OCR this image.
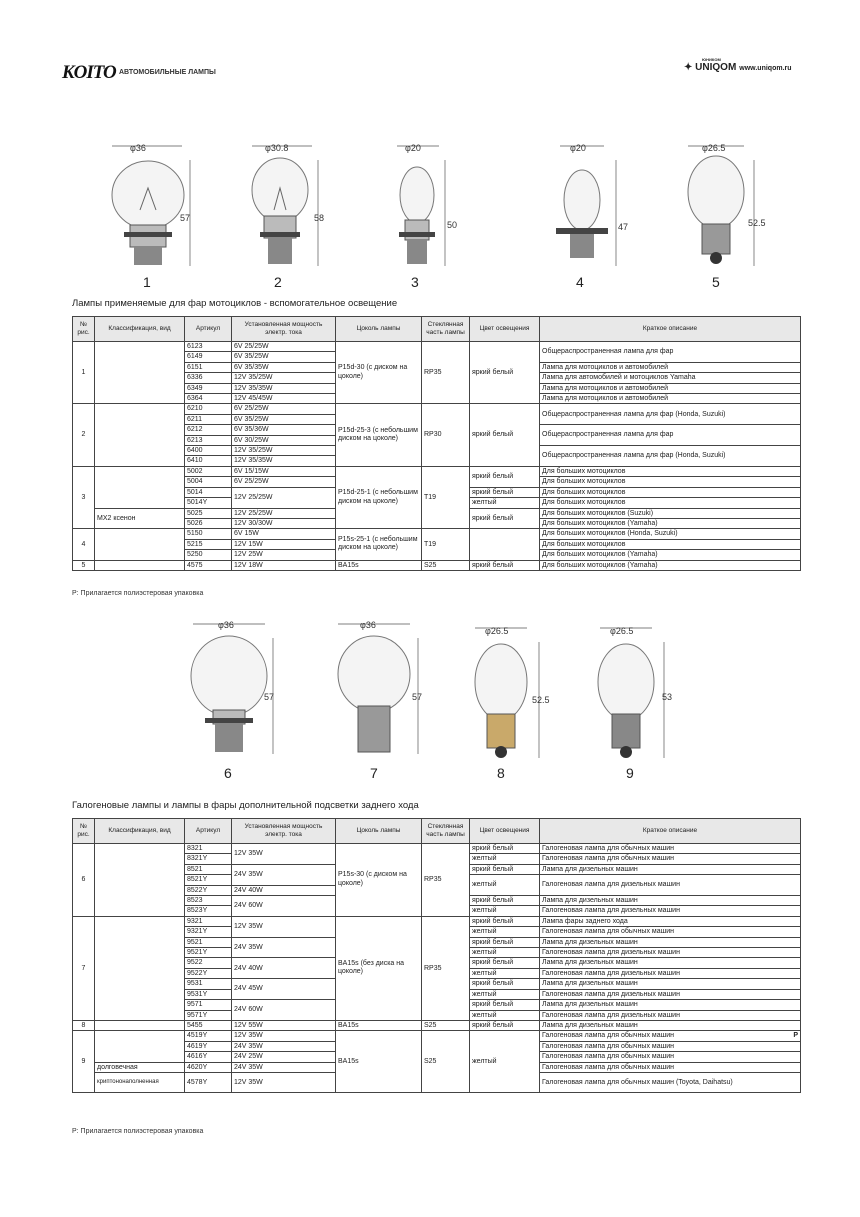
KOITO АВТОМОБИЛЬНЫЕ ЛАМПЫ
ЮНИКОМ
✦ UNIQOM www.uniqom.ru
φ36
57
1
φ30.8
58
2
φ20
50
3
φ20
47
4
φ26.5
52.5
5
Лампы применяемые для фар мотоциклов - вспомогательное освещение
№ рис.	Классификация, вид	Артикул	Установленная мощность электр. тока	Цоколь лампы	Стеклянная часть лампы	Цвет освещения	Краткое описание
1		6123	6V 25/25W	P15d-30 (с диском на цоколе)	RP35	яркий белый	Общераспространенная лампа для фар
		6149	6V 35/25W				
		6151	6V 35/35W				Лампа для мотоциклов и автомобилей
		6336	12V 35/25W				Лампа для автомобилей и мотоциклов Yamaha
		6349	12V 35/35W				Лампа для мотоциклов и автомобилей
		6364	12V 45/45W				Лампа для мотоциклов и автомобилей
2		6210	6V 25/25W	P15d-25-3 (с небольшим диском на цоколе)	RP30	яркий белый	Общераспространенная лампа для фар (Honda, Suzuki)
		6211	6V 35/25W				
		6212	6V 35/36W				Общераспространенная лампа для фар
		6213	6V 30/25W				
		6400	12V 35/25W				Общераспространенная лампа для фар (Honda, Suzuki)
		6410	12V 35/35W				
3		5002	6V 15/15W	P15d-25-1 (с небольшим диском на цоколе)	T19	яркий белый	Для больших мотоциклов
		5004	6V 25/25W				Для больших мотоциклов
		5014	12V 25/25W			яркий белый	Для больших мотоциклов
		5014Y				желтый	Для больших мотоциклов
	MX2 ксенон	5025	12V 25/25W			яркий белый	Для больших мотоциклов (Suzuki)
		5026	12V 30/30W				Для больших мотоциклов (Yamaha)
4		5150	6V 15W	P15s-25-1 (с небольшим диском на цоколе)	T19		Для больших мотоциклов (Honda, Suzuki)
		5215	12V 15W				Для больших мотоциклов
		5250	12V 25W				Для больших мотоциклов (Yamaha)
5		4575	12V 18W	BA15s	S25	яркий белый	Для больших мотоциклов (Yamaha)
P: Прилагается полиэстеровая упаковка
φ36
57
6
φ36
57
7
φ26.5
52.5
8
φ26.5
53
9
Галогеновые лампы и лампы в фары дополнительной подсветки заднего хода
№ рис.	Классификация, вид	Артикул	Установленная мощность электр. тока	Цоколь лампы	Стеклянная часть лампы	Цвет освещения	Краткое описание
6		8321	12V 35W	P15s-30 (с диском на цоколе)	RP35	яркий белый	Галогеновая лампа для обычных машин
		8321Y				желтый	Галогеновая лампа для обычных машин
		8521	24V 35W			яркий белый	Лампа для дизельных машин
		8521Y				желтый	Галогеновая лампа для дизельных машин
		8522Y	24V 40W				
		8523	24V 60W			яркий белый	Лампа для дизельных машин
		8523Y				желтый	Галогеновая лампа для дизельных машин
7		9321	12V 35W	BA15s (без диска на цоколе)	RP35	яркий белый	Лампа фары заднего хода
		9321Y				желтый	Галогеновая лампа для обычных машин
		9521	24V 35W			яркий белый	Лампа для дизельных машин
		9521Y				желтый	Галогеновая лампа для дизельных машин
		9522	24V 40W			яркий белый	Лампа для дизельных машин
		9522Y				желтый	Галогеновая лампа для дизельных машин
		9531	24V 45W			яркий белый	Лампа для дизельных машин
		9531Y				желтый	Галогеновая лампа для дизельных машин
		9571	24V 60W			яркий белый	Лампа для дизельных машин
		9571Y				желтый	Галогеновая лампа для дизельных машин
8		5455	12V 55W	BA15s	S25	яркий белый	Лампа для дизельных машин
9		4519Y	12V 35W	BA15s	S25	желтый	Галогеновая лампа для обычных машин P

		4619Y	24V 35W				Галогеновая лампа для обычных машин
		4616Y	24V 25W				Галогеновая лампа для обычных машин
	долговечная	4620Y	24V 35W				Галогеновая лампа для обычных машин
	криптононаполненная	4578Y	12V 35W				Галогеновая лампа для обычных машин (Toyota, Daihatsu)
P: Прилагается полиэстеровая упаковка
